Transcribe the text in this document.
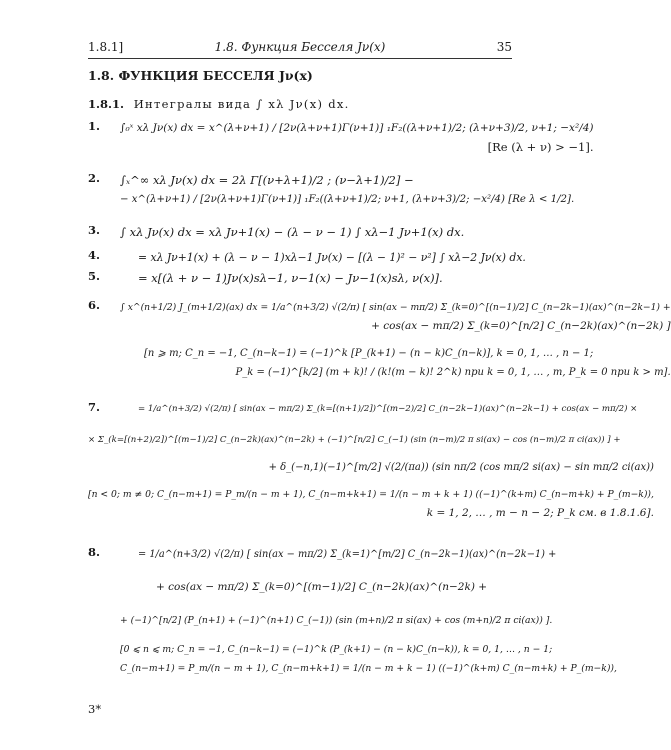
1.8.1]	1.8. Функция Бесселя Jν(x)	35
1.8. ФУНКЦИЯ БЕССЕЛЯ Jν(x)
1.8.1. Интегралы вида ∫ xλ Jν(x) dx.
1.	∫₀ˣ xλ Jν(x) dx = x^(λ+ν+1) / [2ν(λ+ν+1)Γ(ν+1)] ₁F₂((λ+ν+1)/2; (λ+ν+3)/2, ν+1; −x²/4)
[Re (λ + ν) > −1].
2.	∫ₓ^∞ xλ Jν(x) dx = 2λ Γ[(ν+λ+1)/2 ; (ν−λ+1)/2] −
− x^(λ+ν+1) / [2ν(λ+ν+1)Γ(ν+1)] ₁F₂((λ+ν+1)/2; ν+1, (λ+ν+3)/2; −x²/4) [Re λ < 1/2].
3.	∫ xλ Jν(x) dx = xλ Jν+1(x) − (λ − ν − 1) ∫ xλ−1 Jν+1(x) dx.
4.	= xλ Jν+1(x) + (λ − ν − 1)xλ−1 Jν(x) − [(λ − 1)² − ν²] ∫ xλ−2 Jν(x) dx.
5.	= x[(λ + ν − 1)Jν(x)sλ−1, ν−1(x) − Jν−1(x)sλ, ν(x)].
6.	∫ x^(n+1/2) J_(m+1/2)(ax) dx = 1/a^(n+3/2) √(2/π) [ sin(ax − mπ/2) Σ_(k=0)^[(n−1)/2] C_(n−2k−1)(ax)^(n−2k−1) +
+ cos(ax − mπ/2) Σ_(k=0)^[n/2] C_(n−2k)(ax)^(n−2k) ]
[n ⩾ m; C_n = −1, C_(n−k−1) = (−1)^k [P_(k+1) − (n − k)C_(n−k)], k = 0, 1, … , n − 1;
P_k = (−1)^[k/2] (m + k)! / (k!(m − k)! 2^k) при k = 0, 1, … , m, P_k = 0 при k > m].
7.	= 1/a^(n+3/2) √(2/π) [ sin(ax − mπ/2) Σ_(k=[(n+1)/2])^[(m−2)/2] C_(n−2k−1)(ax)^(n−2k−1) + cos(ax − mπ/2) ×
× Σ_(k=[(n+2)/2])^[(m−1)/2] C_(n−2k)(ax)^(n−2k) + (−1)^[n/2] C_(−1) (sin (n−m)/2 π si(ax) − cos (n−m)/2 π ci(ax)) ] +
+ δ_(−n,1)(−1)^[m/2] √(2/(πa)) (sin nπ/2 (cos mπ/2 si(ax) − sin mπ/2 ci(ax))
[n < 0; m ≠ 0; C_(n−m+1) = P_m/(n − m + 1), C_(n−m+k+1) = 1/(n − m + k + 1) ((−1)^(k+m) C_(n−m+k) + P_(m−k)),
k = 1, 2, … , m − n − 2; P_k см. в 1.8.1.6].
8.	= 1/a^(n+3/2) √(2/π) [ sin(ax − mπ/2) Σ_(k=1)^[m/2] C_(n−2k−1)(ax)^(n−2k−1) +
+ cos(ax − mπ/2) Σ_(k=0)^[(m−1)/2] C_(n−2k)(ax)^(n−2k) +
+ (−1)^[n/2] (P_(n+1) + (−1)^(n+1) C_(−1)) (sin (m+n)/2 π si(ax) + cos (m+n)/2 π ci(ax)) ].
[0 ⩽ n ⩽ m; C_n = −1, C_(n−k−1) = (−1)^k (P_(k+1) − (n − k)C_(n−k)), k = 0, 1, … , n − 1;
C_(n−m+1) = P_m/(n − m + 1), C_(n−m+k+1) = 1/(n − m + k − 1) ((−1)^(k+m) C_(n−m+k) + P_(m−k)),
3*
